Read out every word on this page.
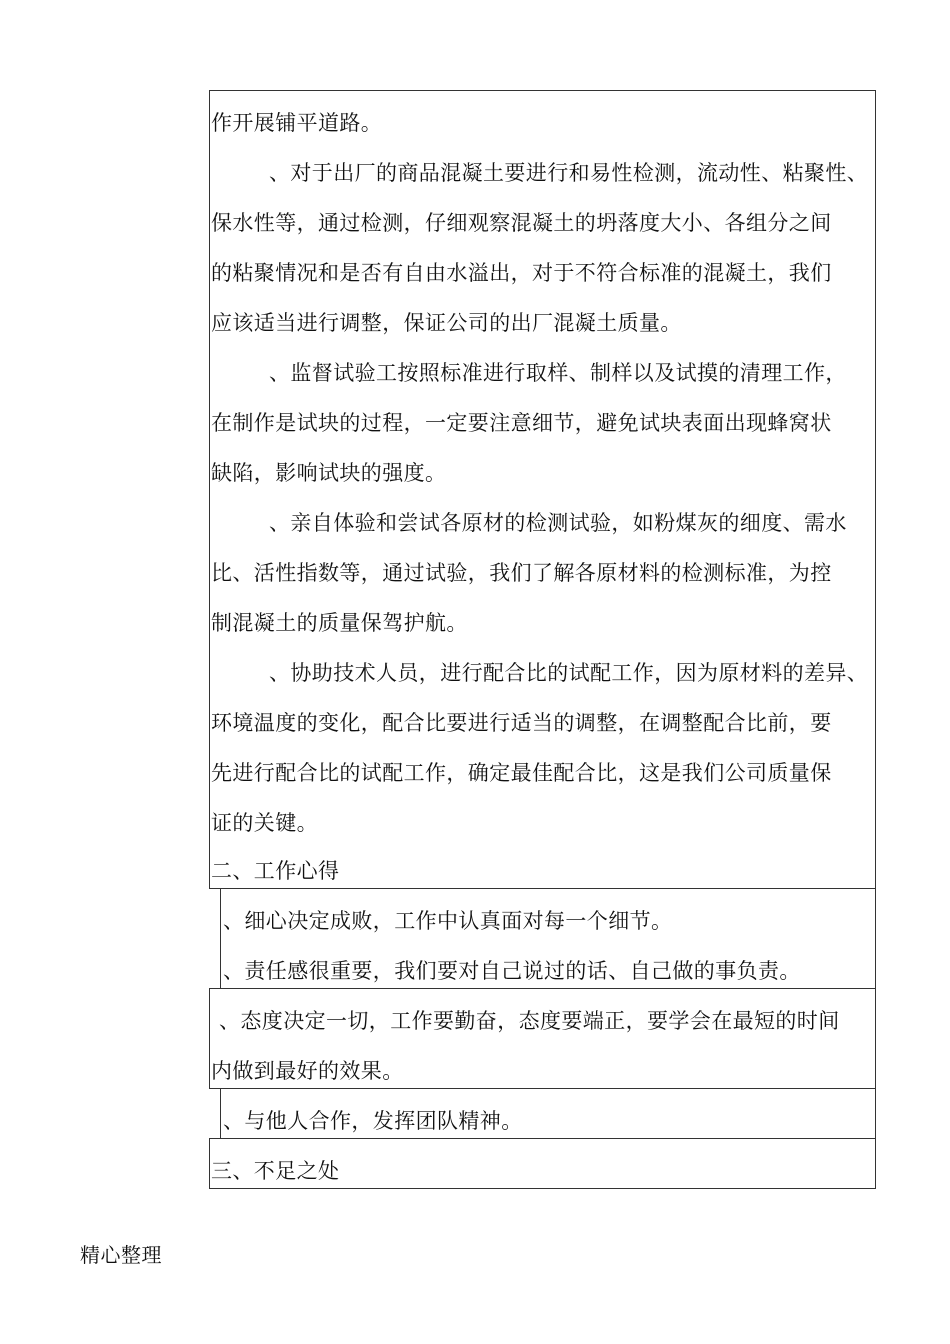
作开展铺平道路。
、对于出厂的商品混凝土要进行和易性检测，流动性、粘聚性、
保水性等，通过检测，仔细观察混凝土的坍落度大小、各组分之间
的粘聚情况和是否有自由水溢出，对于不符合标准的混凝土，我们
应该适当进行调整，保证公司的出厂混凝土质量。
、监督试验工按照标准进行取样、制样以及试摸的清理工作，
在制作是试块的过程，一定要注意细节，避免试块表面出现蜂窝状
缺陷，影响试块的强度。
、亲自体验和尝试各原材的检测试验，如粉煤灰的细度、需水
比、活性指数等，通过试验，我们了解各原材料的检测标准，为控
制混凝土的质量保驾护航。
、协助技术人员，进行配合比的试配工作，因为原材料的差异、
环境温度的变化，配合比要进行适当的调整，在调整配合比前，要
先进行配合比的试配工作，确定最佳配合比，这是我们公司质量保
证的关键。
二、工作心得
、细心决定成败，工作中认真面对每一个细节。
、责任感很重要，我们要对自己说过的话、自己做的事负责。
、态度决定一切，工作要勤奋，态度要端正，要学会在最短的时间
内做到最好的效果。
、与他人合作，发挥团队精神。
三、不足之处
精心整理
